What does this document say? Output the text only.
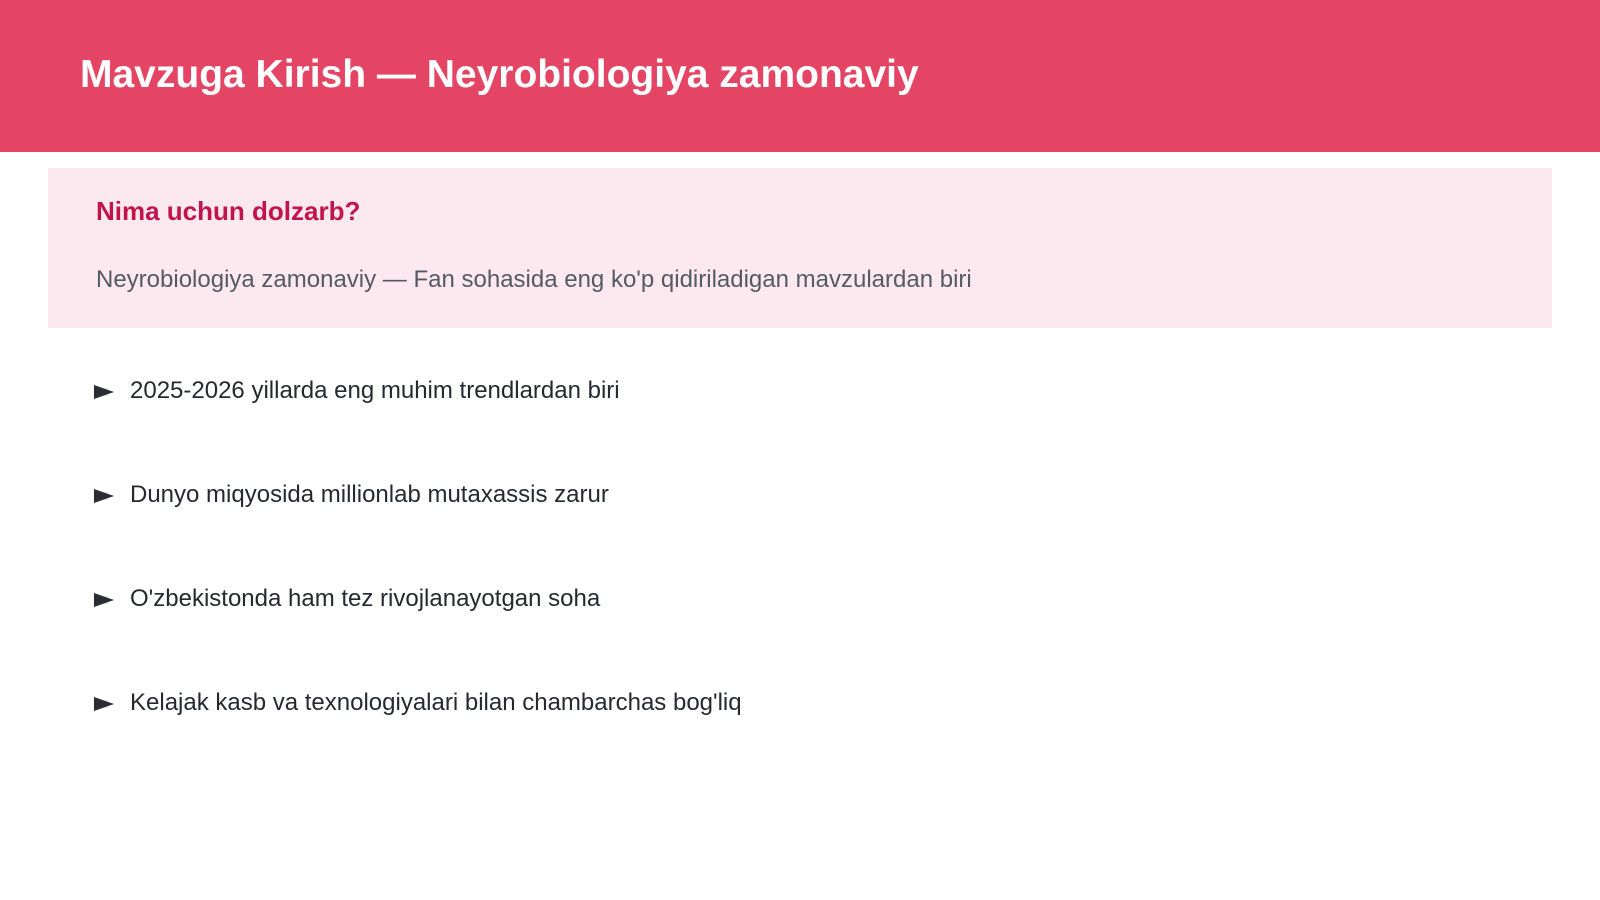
Mavzuga Kirish — Neyrobiologiya zamonaviy
Nima uchun dolzarb?

Neyrobiologiya zamonaviy — Fan sohasida eng ko'p qidiriladigan mavzulardan biri

2025-2026 yillarda eng muhim trendlardan biri
Dunyo miqyosida millionlab mutaxassis zarur
O'zbekistonda ham tez rivojlanayotgan soha
Kelajak kasb va texnologiyalari bilan chambarchas bog'liq
